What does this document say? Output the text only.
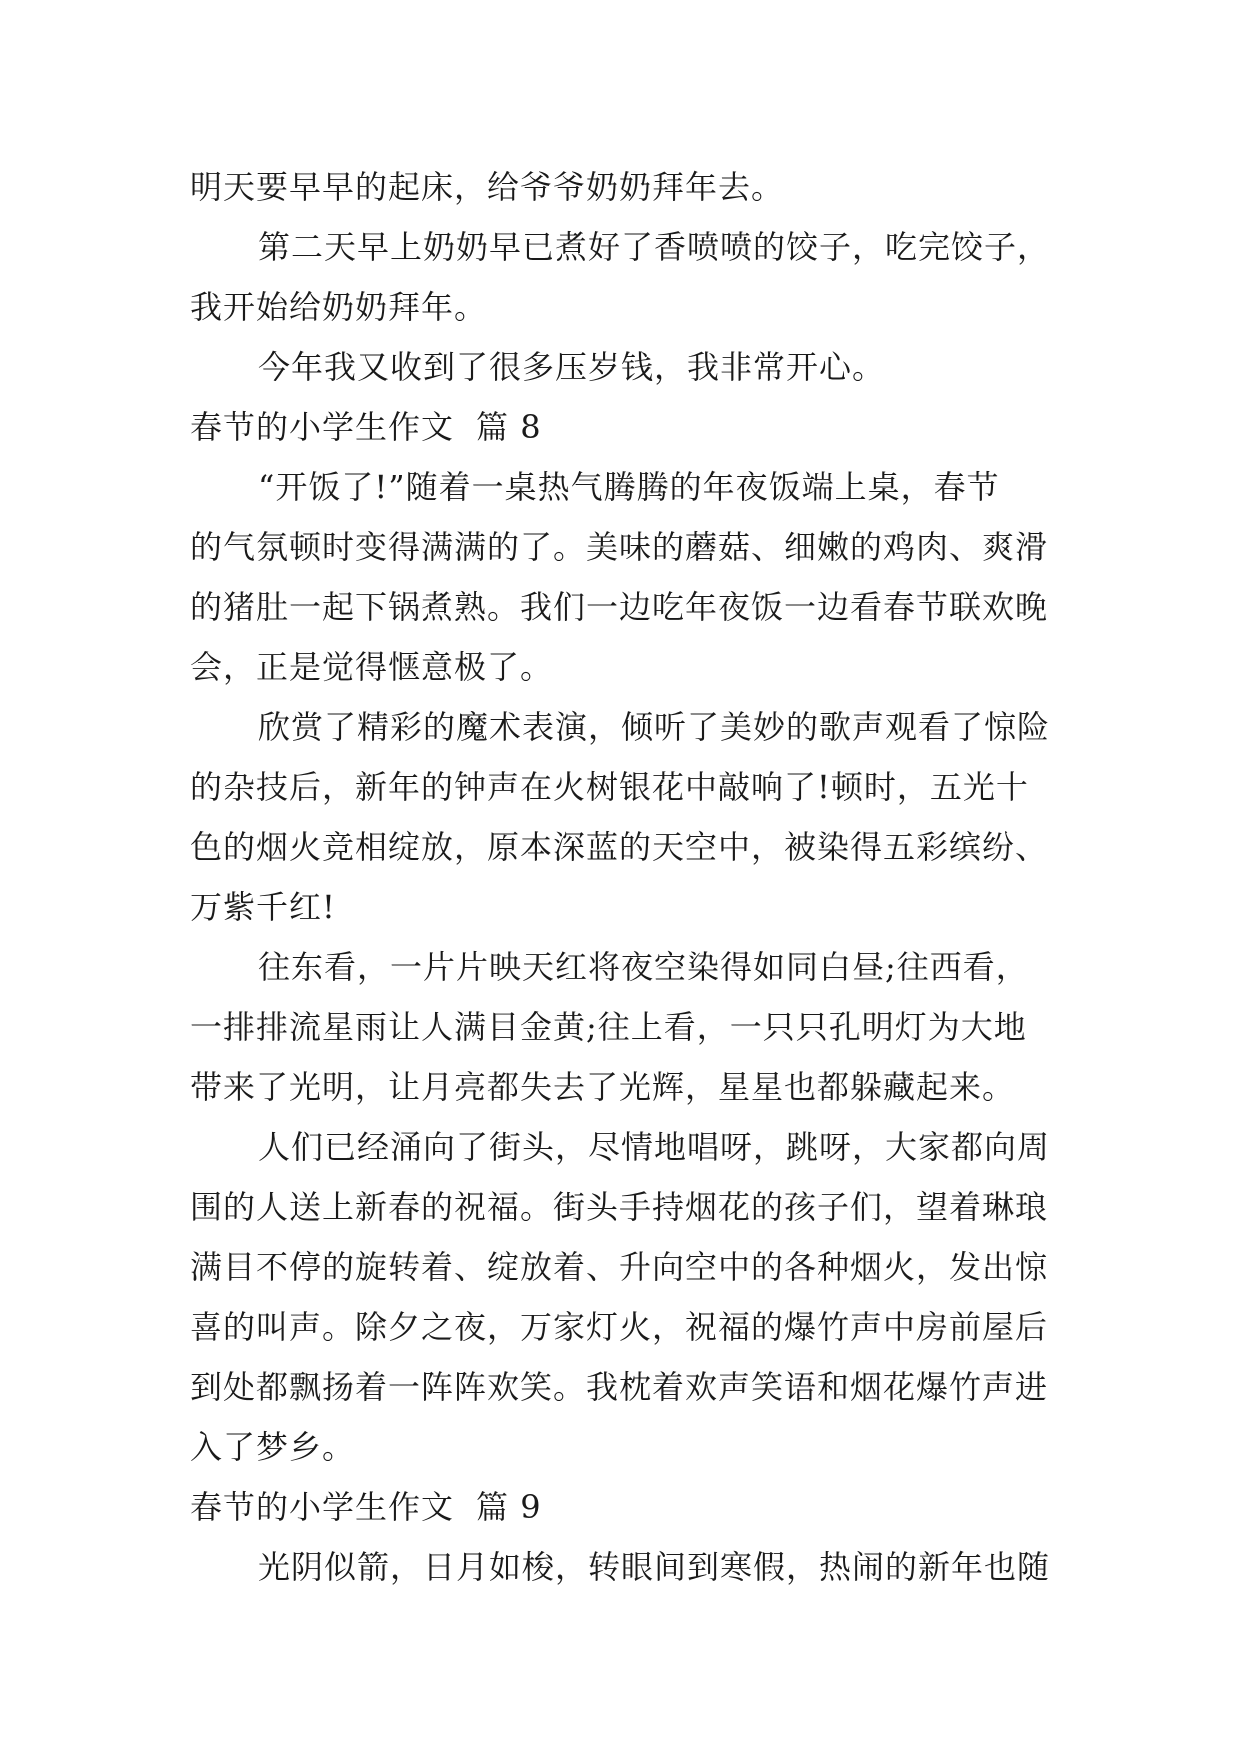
明天要早早的起床，给爷爷奶奶拜年去。
第二天早上奶奶早已煮好了香喷喷的饺子，吃完饺子，
我开始给奶奶拜年。
今年我又收到了很多压岁钱，我非常开心。
春节的小学生作文 篇 8
“开饭了!”随着一桌热气腾腾的年夜饭端上桌，春节
的气氛顿时变得满满的了。美味的蘑菇、细嫩的鸡肉、爽滑
的猪肚一起下锅煮熟。我们一边吃年夜饭一边看春节联欢晚
会，正是觉得惬意极了。
欣赏了精彩的魔术表演，倾听了美妙的歌声观看了惊险
的杂技后，新年的钟声在火树银花中敲响了!顿时，五光十
色的烟火竞相绽放，原本深蓝的天空中，被染得五彩缤纷、
万紫千红!
往东看，一片片映天红将夜空染得如同白昼;往西看，
一排排流星雨让人满目金黄;往上看，一只只孔明灯为大地
带来了光明，让月亮都失去了光辉，星星也都躲藏起来。
人们已经涌向了街头，尽情地唱呀，跳呀，大家都向周
围的人送上新春的祝福。街头手持烟花的孩子们，望着琳琅
满目不停的旋转着、绽放着、升向空中的各种烟火，发出惊
喜的叫声。除夕之夜，万家灯火，祝福的爆竹声中房前屋后
到处都飘扬着一阵阵欢笑。我枕着欢声笑语和烟花爆竹声进
入了梦乡。
春节的小学生作文 篇 9
光阴似箭，日月如梭，转眼间到寒假，热闹的新年也随
